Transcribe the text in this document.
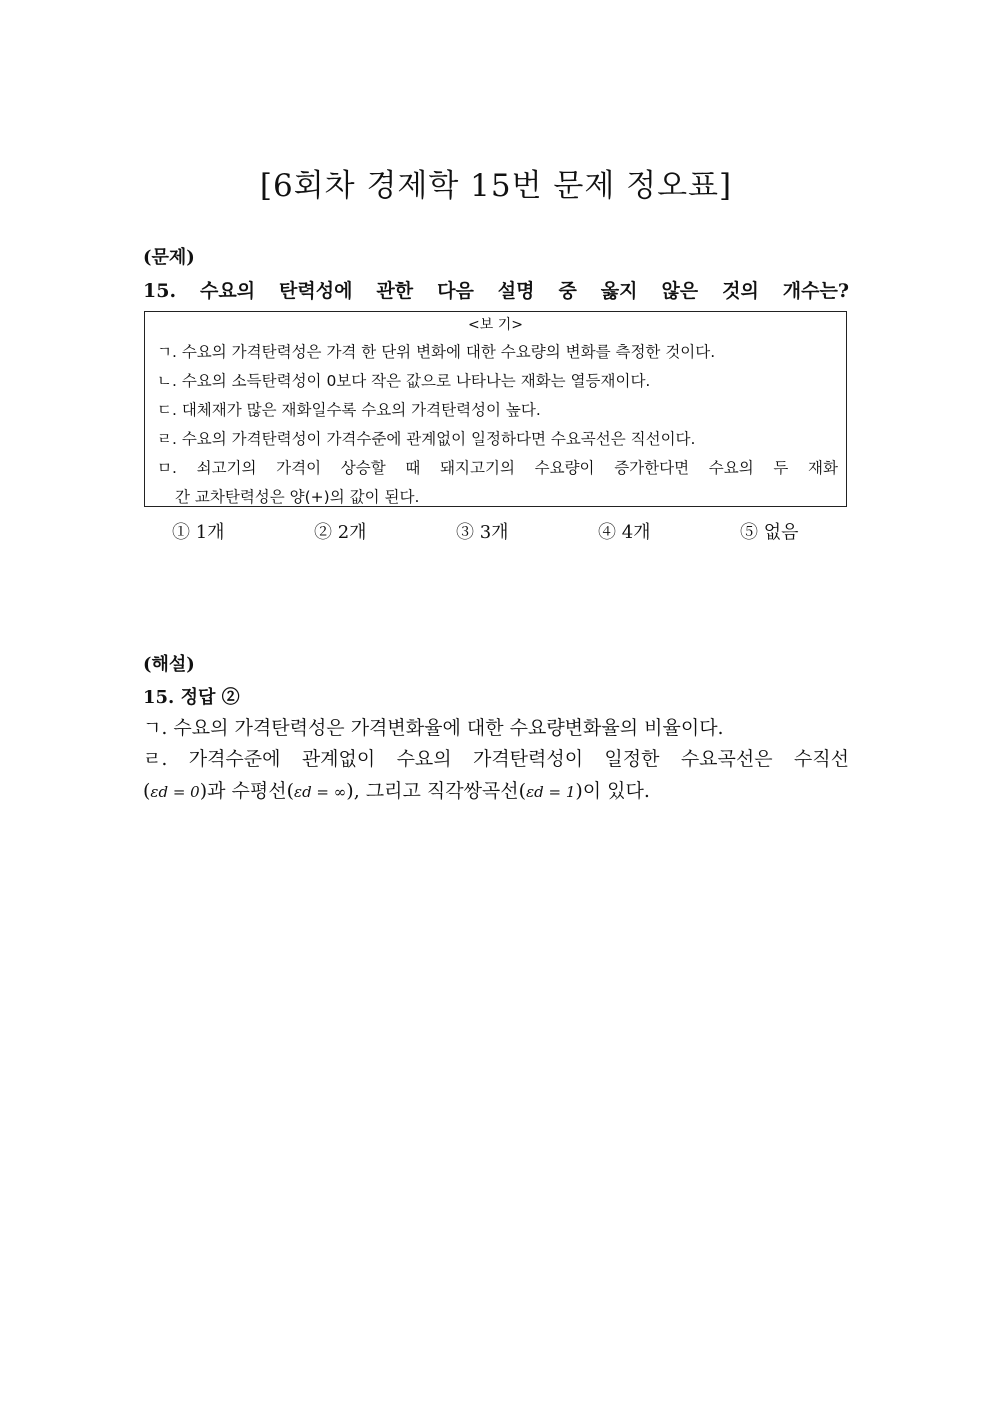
[6회차 경제학 15번 문제 정오표]
(문제)
15. 수요의 탄력성에 관한 다음 설명 중 옳지 않은 것의 개수는?
<보 기>
ㄱ. 수요의 가격탄력성은 가격 한 단위 변화에 대한 수요량의 변화를 측정한 것이다.
ㄴ. 수요의 소득탄력성이 0보다 작은 값으로 나타나는 재화는 열등재이다.
ㄷ. 대체재가 많은 재화일수록 수요의 가격탄력성이 높다.
ㄹ. 수요의 가격탄력성이 가격수준에 관계없이 일정하다면 수요곡선은 직선이다.
ㅁ. 쇠고기의 가격이 상승할 때 돼지고기의 수요량이 증가한다면 수요의 두 재화
간 교차탄력성은 양(+)의 값이 된다.
① 1개	② 2개	③ 3개	④ 4개	⑤ 없음
(해설)
15. 정답 ②
ㄱ. 수요의 가격탄력성은 가격변화율에 대한 수요량변화율의 비율이다.
ㄹ. 가격수준에 관계없이 수요의 가격탄력성이 일정한 수요곡선은 수직선
(εd = 0)과 수평선(εd = ∞), 그리고 직각쌍곡선(εd = 1)이 있다.
